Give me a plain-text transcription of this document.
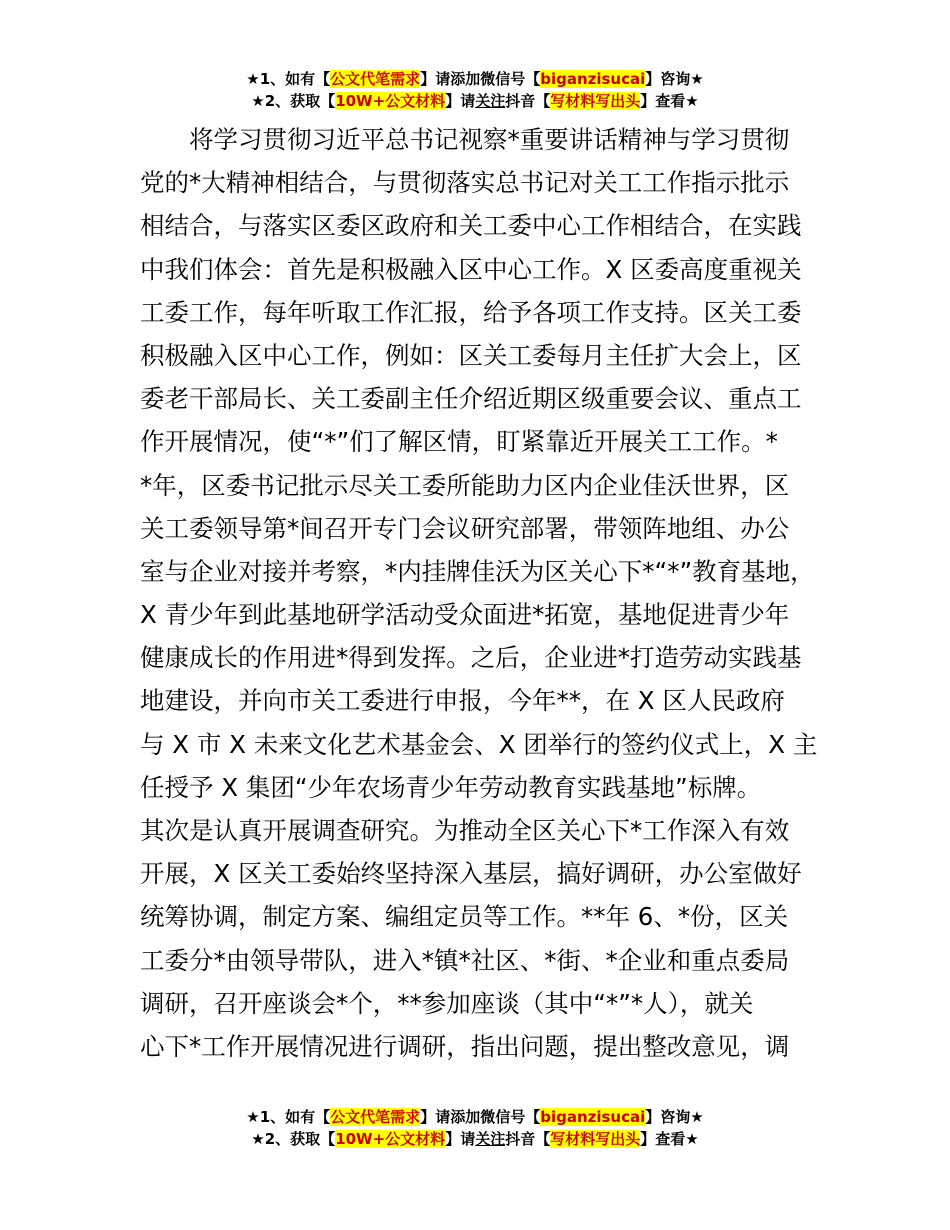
★1、如有【公文代笔需求】请添加微信号【biganzisucai】咨询★
★2、获取【10W+公文材料】请关注抖音【写材料写出头】查看★
将学习贯彻习近平总书记视察*重要讲话精神与学习贯彻
党的*大精神相结合，与贯彻落实总书记对关工工作指示批示
相结合，与落实区委区政府和关工委中心工作相结合，在实践
中我们体会：首先是积极融入区中心工作。X 区委高度重视关
工委工作，每年听取工作汇报，给予各项工作支持。区关工委
积极融入区中心工作，例如：区关工委每月主任扩大会上，区
委老干部局长、关工委副主任介绍近期区级重要会议、重点工
作开展情况，使“*”们了解区情，盯紧靠近开展关工工作。*
*年，区委书记批示尽关工委所能助力区内企业佳沃世界，区
关工委领导第*间召开专门会议研究部署，带领阵地组、办公
室与企业对接并考察，*内挂牌佳沃为区关心下*“*”教育基地，
X 青少年到此基地研学活动受众面进*拓宽，基地促进青少年
健康成长的作用进*得到发挥。之后，企业进*打造劳动实践基
地建设，并向市关工委进行申报，今年**，在 X 区人民政府
与 X 市 X 未来文化艺术基金会、X 团举行的签约仪式上，X 主
任授予 X 集团“少年农场青少年劳动教育实践基地”标牌。
其次是认真开展调查研究。为推动全区关心下*工作深入有效
开展，X 区关工委始终坚持深入基层，搞好调研，办公室做好
统筹协调，制定方案、编组定员等工作。**年 6、*份，区关
工委分*由领导带队，进入*镇*社区、*街、*企业和重点委局
调研，召开座谈会*个，**参加座谈（其中“*”*人），就关
心下*工作开展情况进行调研，指出问题，提出整改意见，调
★1、如有【公文代笔需求】请添加微信号【biganzisucai】咨询★
★2、获取【10W+公文材料】请关注抖音【写材料写出头】查看★
